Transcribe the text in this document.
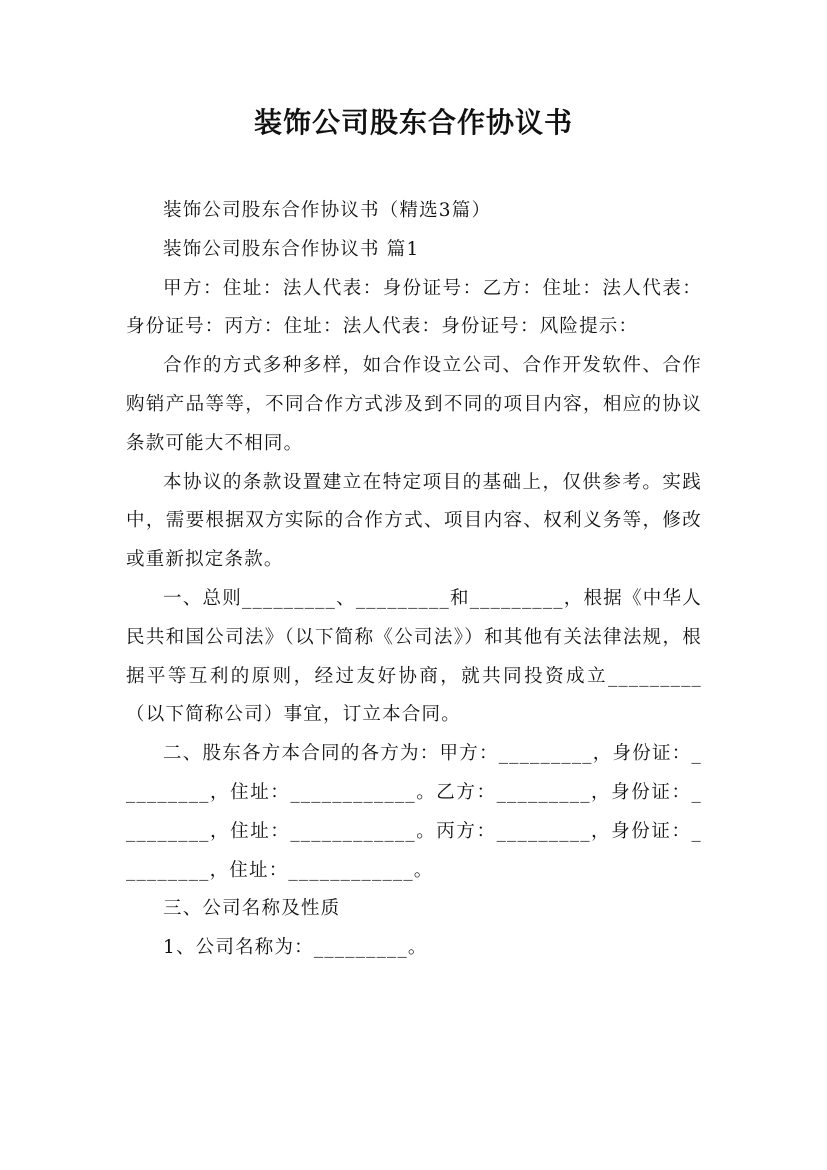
装饰公司股东合作协议书

装饰公司股东合作协议书（精选3篇）

装饰公司股东合作协议书 篇1

甲方：住址：法人代表：身份证号：乙方：住址：法人代表：身份证号：丙方：住址：法人代表：身份证号：风险提示：

合作的方式多种多样，如合作设立公司、合作开发软件、合作购销产品等等，不同合作方式涉及到不同的项目内容，相应的协议条款可能大不相同。

本协议的条款设置建立在特定项目的基础上，仅供参考。实践中，需要根据双方实际的合作方式、项目内容、权利义务等，修改或重新拟定条款。

一、总则_________、_________和_________，根据《中华人民共和国公司法》（以下简称《公司法》）和其他有关法律法规，根据平等互利的原则，经过友好协商，就共同投资成立_________（以下简称公司）事宜，订立本合同。

二、股东各方本合同的各方为：甲方：_________，身份证：_________，住址：____________。乙方：_________，身份证：_________，住址：____________。丙方：_________，身份证：_________，住址：____________。

三、公司名称及性质

1、公司名称为：_________。
